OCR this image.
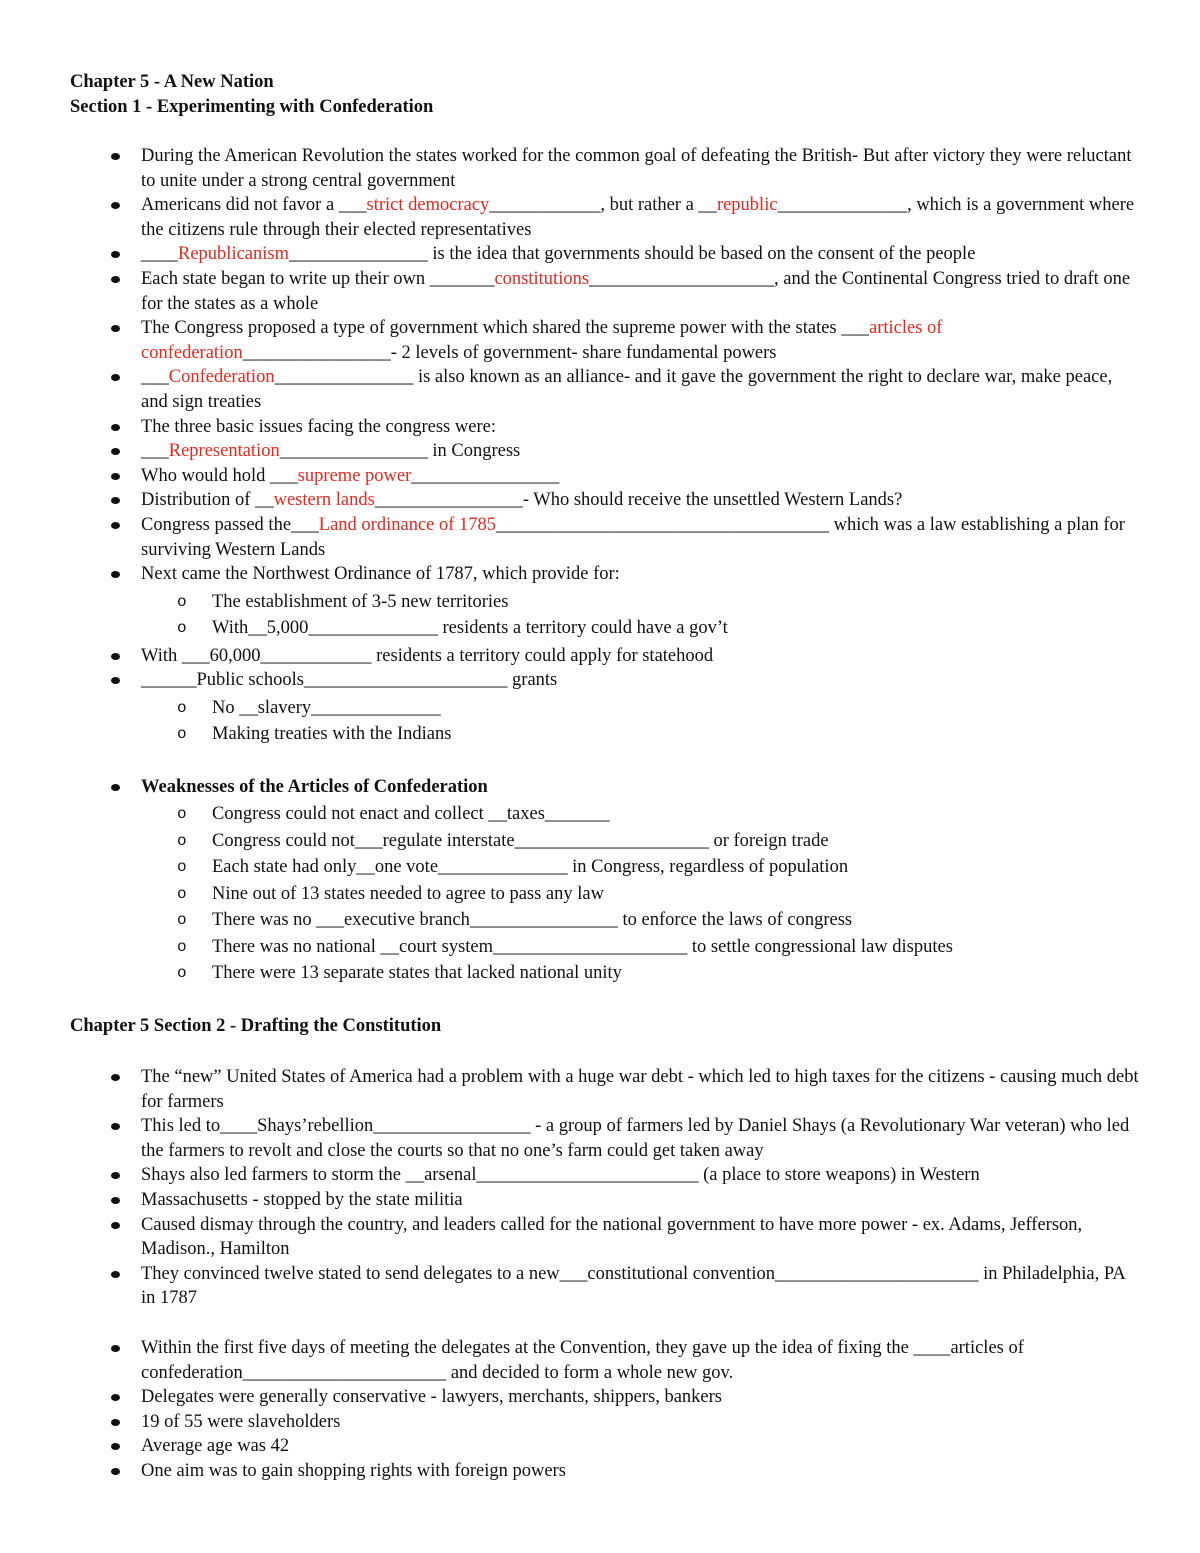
Chapter 5 - A New Nation
Section 1 - Experimenting with Confederation
During the American Revolution the states worked for the common goal of defeating the British- But after victory they were reluctant to unite under a strong central government
Americans did not favor a ___strict democracy____________, but rather a __republic______________, which is a government where the citizens rule through their elected representatives
____Republicanism_______________ is the idea that governments should be based on the consent of the people
Each state began to write up their own _______constitutions____________________, and the Continental Congress tried to draft one for the states as a whole
The Congress proposed a type of government which shared the supreme power with the states ___articles of confederation________________- 2 levels of government- share fundamental powers
___Confederation_______________ is also known as an alliance- and it gave the government the right to declare war, make peace, and sign treaties
The three basic issues facing the congress were:
___Representation________________ in Congress
Who would hold ___supreme power________________
Distribution of __western lands________________- Who should receive the unsettled Western Lands?
Congress passed the___Land ordinance of 1785____________________________________ which was a law establishing a plan for surviving Western Lands
Next came the Northwest Ordinance of 1787, which provide for:
o The establishment of 3-5 new territories
o With__5,000______________ residents a territory could have a gov’t
With ___60,000____________ residents a territory could apply for statehood
______Public schools______________________ grants
o No __slavery______________
o Making treaties with the Indians
Weaknesses of the Articles of Confederation
o Congress could not enact and collect __taxes_______
o Congress could not___regulate interstate_____________________ or foreign trade
o Each state had only__one vote______________ in Congress, regardless of population
o Nine out of 13 states needed to agree to pass any law
o There was no ___executive branch________________ to enforce the laws of congress
o There was no national __court system_____________________ to settle congressional law disputes
o There were 13 separate states that lacked national unity
Chapter 5 Section 2 - Drafting the Constitution
The “new” United States of America had a problem with a huge war debt - which led to high taxes for the citizens - causing much debt for farmers
This led to____Shays’rebellion_________________ - a group of farmers led by Daniel Shays (a Revolutionary War veteran) who led the farmers to revolt and close the courts so that no one’s farm could get taken away
Shays also led farmers to storm the __arsenal________________________ (a place to store weapons) in Western
Massachusetts - stopped by the state militia
Caused dismay through the country, and leaders called for the national government to have more power - ex. Adams, Jefferson, Madison., Hamilton
They convinced twelve stated to send delegates to a new___constitutional convention______________________ in Philadelphia, PA in 1787
Within the first five days of meeting the delegates at the Convention, they gave up the idea of fixing the ____articles of confederation______________________ and decided to form a whole new gov.
Delegates were generally conservative - lawyers, merchants, shippers, bankers
19 of 55 were slaveholders
Average age was 42
One aim was to gain shopping rights with foreign powers
